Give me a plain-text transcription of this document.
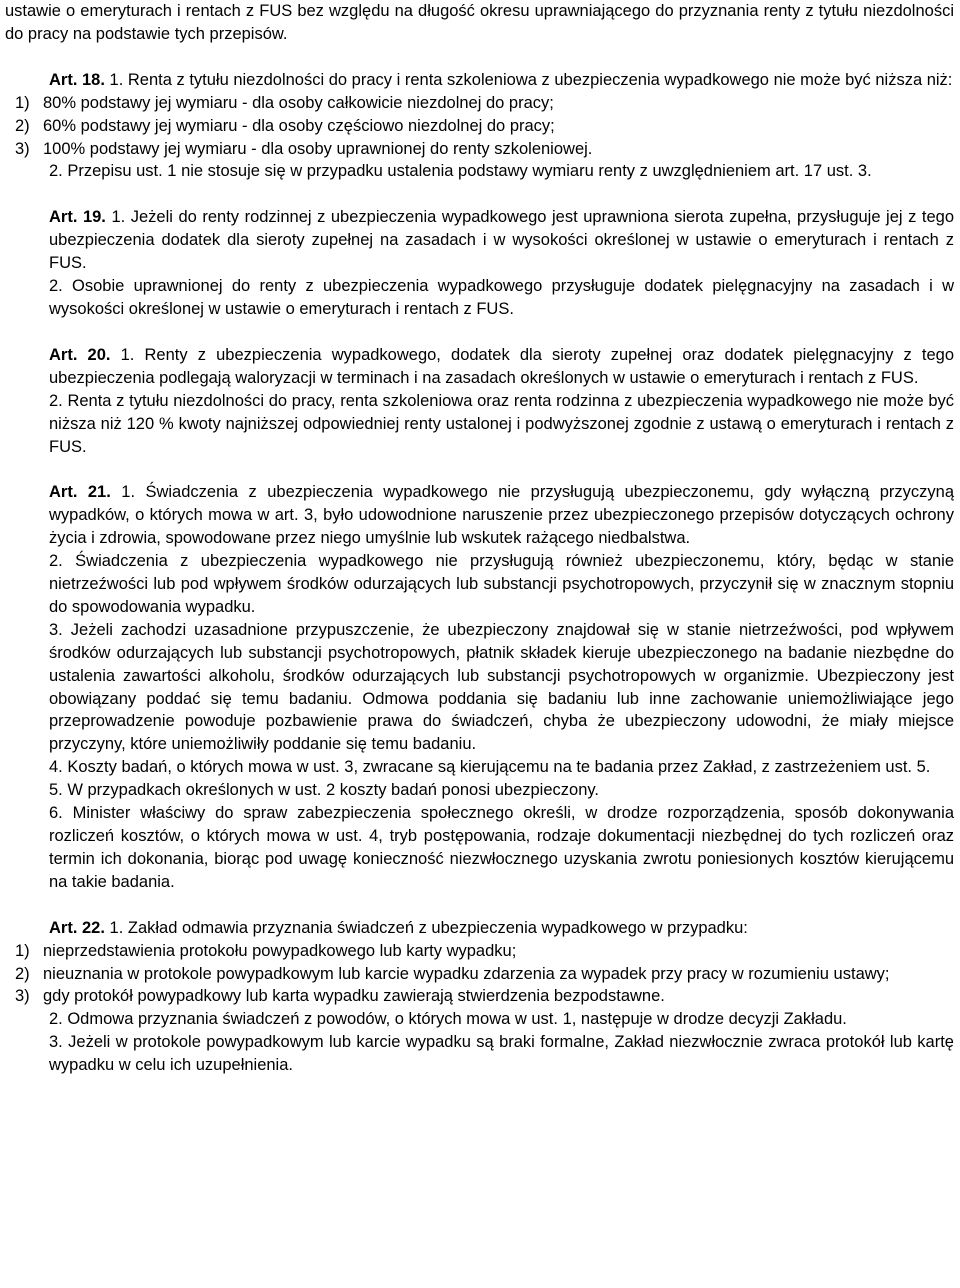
ustawie o emeryturach i rentach z FUS bez względu na długość okresu uprawniającego do przyznania renty z tytułu niezdolności do pracy na podstawie tych przepisów.

Art. 18. 1. Renta z tytułu niezdolności do pracy i renta szkoleniowa z ubezpieczenia wypadkowego nie może być niższa niż:

1) 80% podstawy jej wymiaru - dla osoby całkowicie niezdolnej do pracy;
2) 60% podstawy jej wymiaru - dla osoby częściowo niezdolnej do pracy;
3) 100% podstawy jej wymiaru - dla osoby uprawnionej do renty szkoleniowej.

2. Przepisu ust. 1 nie stosuje się w przypadku ustalenia podstawy wymiaru renty z uwzględnieniem art. 17 ust. 3.

Art. 19. 1. Jeżeli do renty rodzinnej z ubezpieczenia wypadkowego jest uprawniona sierota zupełna, przysługuje jej z tego ubezpieczenia dodatek dla sieroty zupełnej na zasadach i w wysokości określonej w ustawie o emeryturach i rentach z FUS.

2. Osobie uprawnionej do renty z ubezpieczenia wypadkowego przysługuje dodatek pielęgnacyjny na zasadach i w wysokości określonej w ustawie o emeryturach i rentach z FUS.

Art. 20. 1. Renty z ubezpieczenia wypadkowego, dodatek dla sieroty zupełnej oraz dodatek pielęgnacyjny z tego ubezpieczenia podlegają waloryzacji w terminach i na zasadach określonych w ustawie o emeryturach i rentach z FUS.

2. Renta z tytułu niezdolności do pracy, renta szkoleniowa oraz renta rodzinna z ubezpieczenia wypadkowego nie może być niższa niż 120 % kwoty najniższej odpowiedniej renty ustalonej i podwyższonej zgodnie z ustawą o emeryturach i rentach z FUS.

Art. 21. 1. Świadczenia z ubezpieczenia wypadkowego nie przysługują ubezpieczonemu, gdy wyłączną przyczyną wypadków, o których mowa w art. 3, było udowodnione naruszenie przez ubezpieczonego przepisów dotyczących ochrony życia i zdrowia, spowodowane przez niego umyślnie lub wskutek rażącego niedbalstwa.

2. Świadczenia z ubezpieczenia wypadkowego nie przysługują również ubezpieczonemu, który, będąc w stanie nietrzeźwości lub pod wpływem środków odurzających lub substancji psychotropowych, przyczynił się w znacznym stopniu do spowodowania wypadku.

3. Jeżeli zachodzi uzasadnione przypuszczenie, że ubezpieczony znajdował się w stanie nietrzeźwości, pod wpływem środków odurzających lub substancji psychotropowych, płatnik składek kieruje ubezpieczonego na badanie niezbędne do ustalenia zawartości alkoholu, środków odurzających lub substancji psychotropowych w organizmie. Ubezpieczony jest obowiązany poddać się temu badaniu. Odmowa poddania się badaniu lub inne zachowanie uniemożliwiające jego przeprowadzenie powoduje pozbawienie prawa do świadczeń, chyba że ubezpieczony udowodni, że miały miejsce przyczyny, które uniemożliwiły poddanie się temu badaniu.

4. Koszty badań, o których mowa w ust. 3, zwracane są kierującemu na te badania przez Zakład, z zastrzeżeniem ust. 5.

5. W przypadkach określonych w ust. 2 koszty badań ponosi ubezpieczony.

6. Minister właściwy do spraw zabezpieczenia społecznego określi, w drodze rozporządzenia, sposób dokonywania rozliczeń kosztów, o których mowa w ust. 4, tryb postępowania, rodzaje dokumentacji niezbędnej do tych rozliczeń oraz termin ich dokonania, biorąc pod uwagę konieczność niezwłocznego uzyskania zwrotu poniesionych kosztów kierującemu na takie badania.

Art. 22. 1. Zakład odmawia przyznania świadczeń z ubezpieczenia wypadkowego w przypadku:

1) nieprzedstawienia protokołu powypadkowego lub karty wypadku;
2) nieuznania w protokole powypadkowym lub karcie wypadku zdarzenia za wypadek przy pracy w rozumieniu ustawy;
3) gdy protokół powypadkowy lub karta wypadku zawierają stwierdzenia bezpodstawne.

2. Odmowa przyznania świadczeń z powodów, o których mowa w ust. 1, następuje w drodze decyzji Zakładu.

3. Jeżeli w protokole powypadkowym lub karcie wypadku są braki formalne, Zakład niezwłocznie zwraca protokół lub kartę wypadku w celu ich uzupełnienia.
